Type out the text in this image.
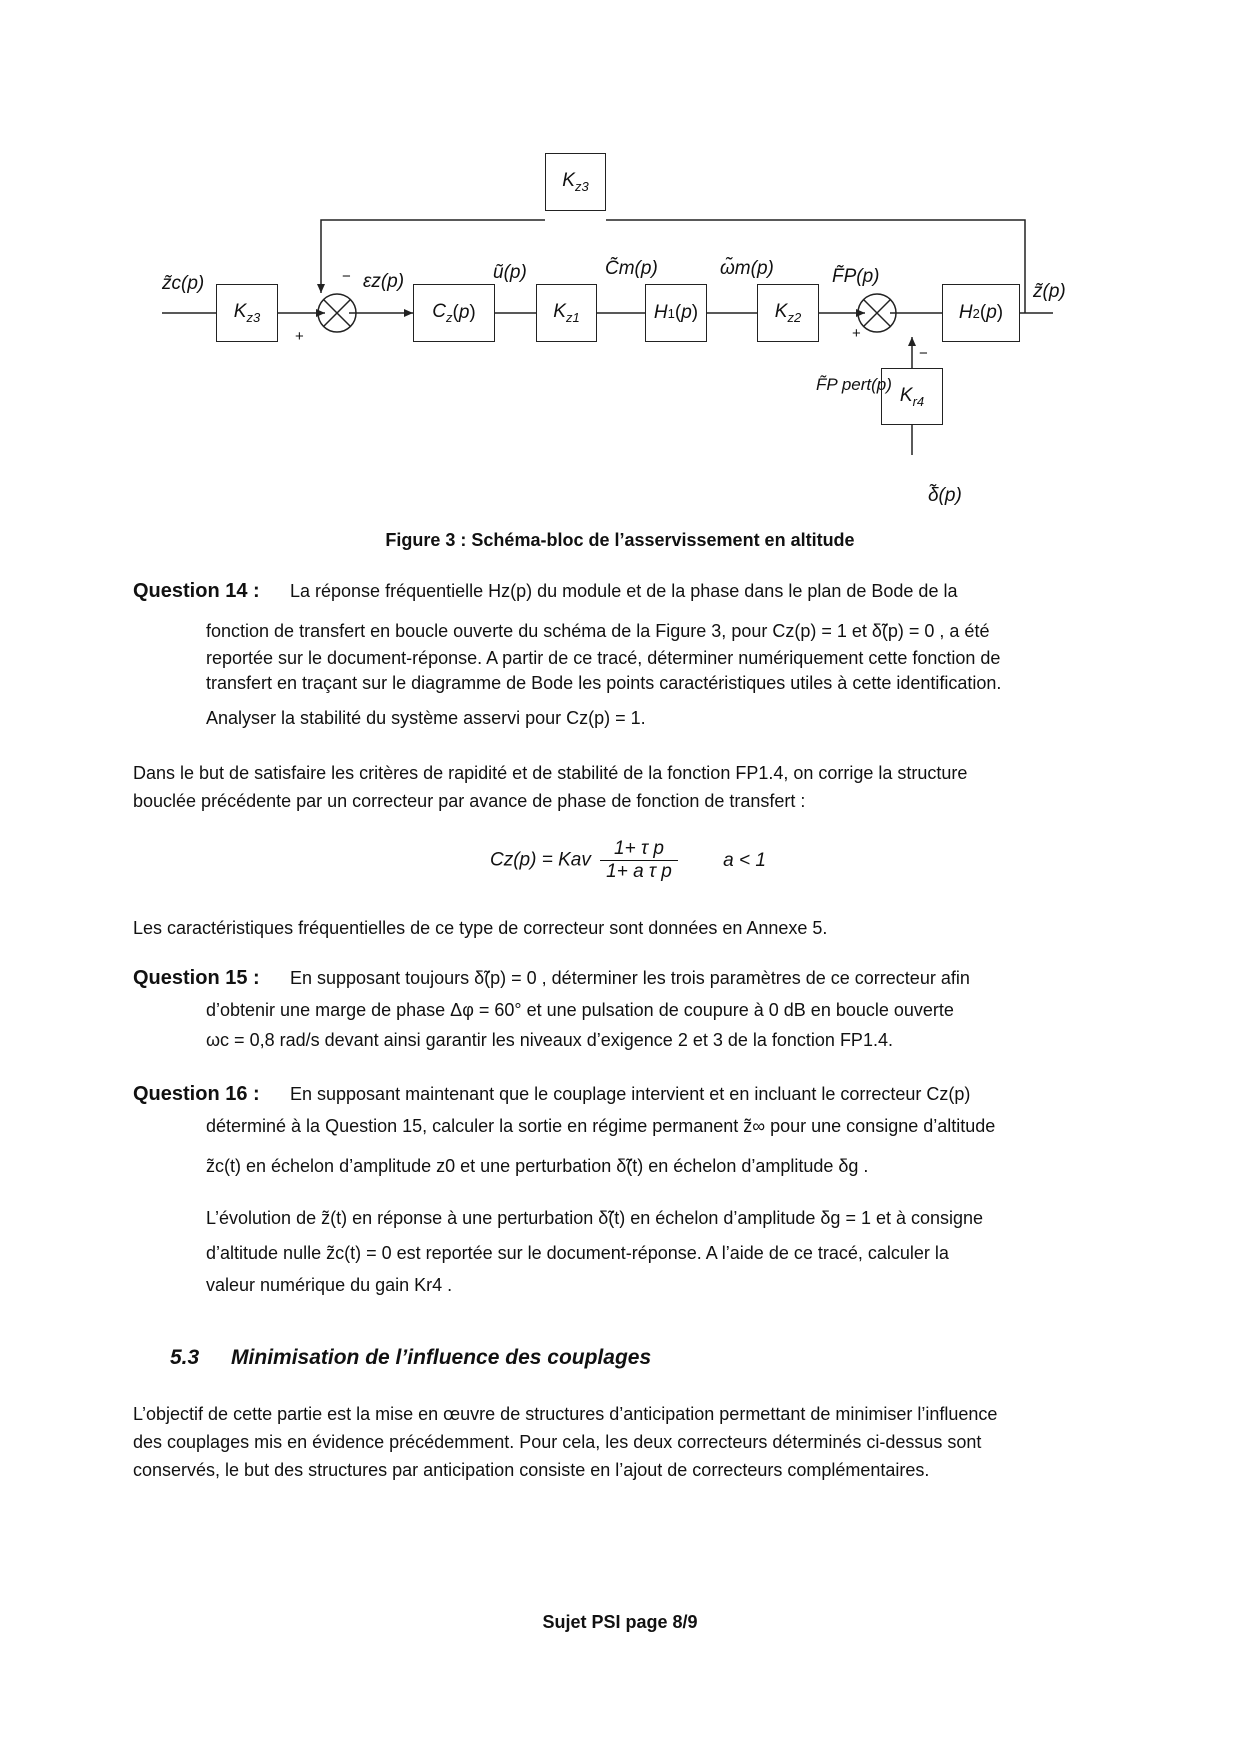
$K_{z3}$
$K_{z3}$
$C_z$ ( p )	$K_{z1}$	H 1 ( p )	$K_{z2}$	H 2 ( p )
$K_{r4}$
z̃c(p)	εz(p)	ũ(p)	C̃m(p)	ω̃m(p)	F̃P(p)
z̃(p)
F̃P pert(p)
δ̃(p)
−
+	+
−
Figure 3 : Schéma-bloc de l’asservissement en altitude
Question 14 : La réponse fréquentielle Hz(p) du module et de la phase dans le plan de Bode de la
fonction de transfert en boucle ouverte du schéma de la Figure 3, pour Cz(p) = 1 et δ̃(p) = 0 , a été
reportée sur le document-réponse. A partir de ce tracé, déterminer numériquement cette fonction de
transfert en traçant sur le diagramme de Bode les points caractéristiques utiles à cette identification.
Analyser la stabilité du système asservi pour Cz(p) = 1.
Dans le but de satisfaire les critères de rapidité et de stabilité de la fonction FP1.4, on corrige la structure
bouclée précédente par un correcteur par avance de phase de fonction de transfert :
Cz(p) = Kav $\frac{\text{1+ τ p}}{\text{1+ a τ p}}$ a < 1
Les caractéristiques fréquentielles de ce type de correcteur sont données en Annexe 5.
Question 15 : En supposant toujours δ̃(p) = 0 , déterminer les trois paramètres de ce correcteur afin
d’obtenir une marge de phase Δφ = 60° et une pulsation de coupure à 0 dB en boucle ouverte
ωc = 0,8 rad/s devant ainsi garantir les niveaux d’exigence 2 et 3 de la fonction FP1.4.
Question 16 : En supposant maintenant que le couplage intervient et en incluant le correcteur Cz(p)
déterminé à la Question 15, calculer la sortie en régime permanent z̃∞ pour une consigne d’altitude
z̃c(t) en échelon d’amplitude z0 et une perturbation δ̃(t) en échelon d’amplitude δg .
L’évolution de z̃(t) en réponse à une perturbation δ̃(t) en échelon d’amplitude δg = 1 et à consigne
d’altitude nulle z̃c(t) = 0 est reportée sur le document-réponse. A l’aide de ce tracé, calculer la
valeur numérique du gain Kr4 .
5.3 Minimisation de l’influence des couplages
L’objectif de cette partie est la mise en œuvre de structures d’anticipation permettant de minimiser l’influence
des couplages mis en évidence précédemment. Pour cela, les deux correcteurs déterminés ci-dessus sont
conservés, le but des structures par anticipation consiste en l’ajout de correcteurs complémentaires.
Sujet PSI page 8/9
